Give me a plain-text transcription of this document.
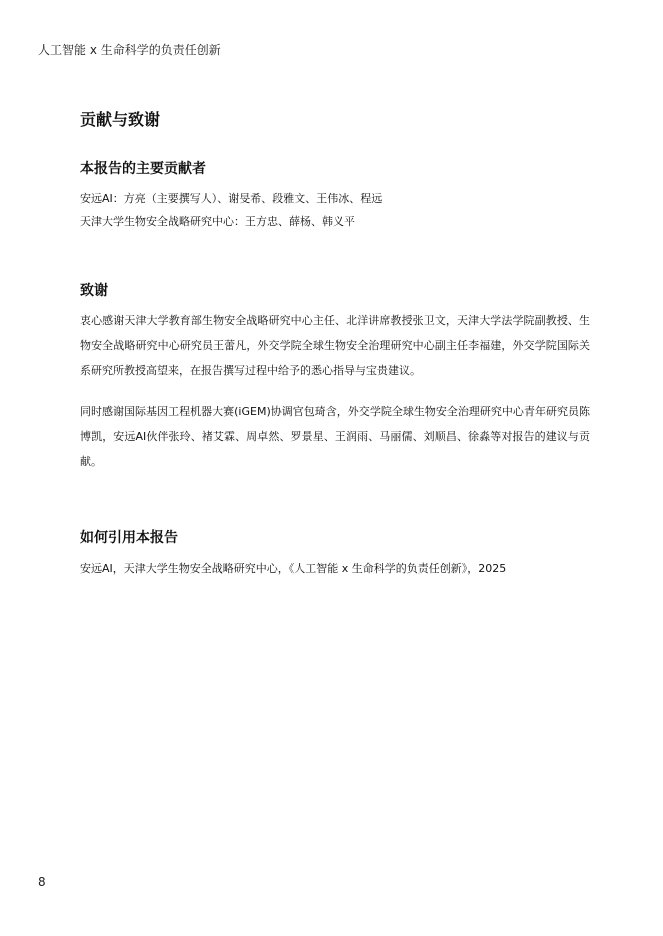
人工智能 x 生命科学的负责任创新
贡献与致谢
本报告的主要贡献者

安远AI：方亮（主要撰写人）、谢旻希、段雅文、王伟冰、程远

天津大学生物安全战略研究中心：王方忠、薛杨、韩义平

致谢

衷心感谢天津大学教育部生物安全战略研究中心主任、北洋讲席教授张卫文，天津大学法学院副教授、生物安全战略研究中心研究员王蕾凡，外交学院全球生物安全治理研究中心副主任李福建，外交学院国际关系研究所教授高望来，在报告撰写过程中给予的悉心指导与宝贵建议。

同时感谢国际基因工程机器大赛(iGEM)协调官包琦含，外交学院全球生物安全治理研究中心青年研究员陈博凯，安远AI伙伴张玲、褚艾霖、周卓然、罗景星、王润雨、马丽儒、刘顺昌、徐淼等对报告的建议与贡献。

如何引用本报告

安远AI，天津大学生物安全战略研究中心，《人工智能 x 生命科学的负责任创新》，2025

8
